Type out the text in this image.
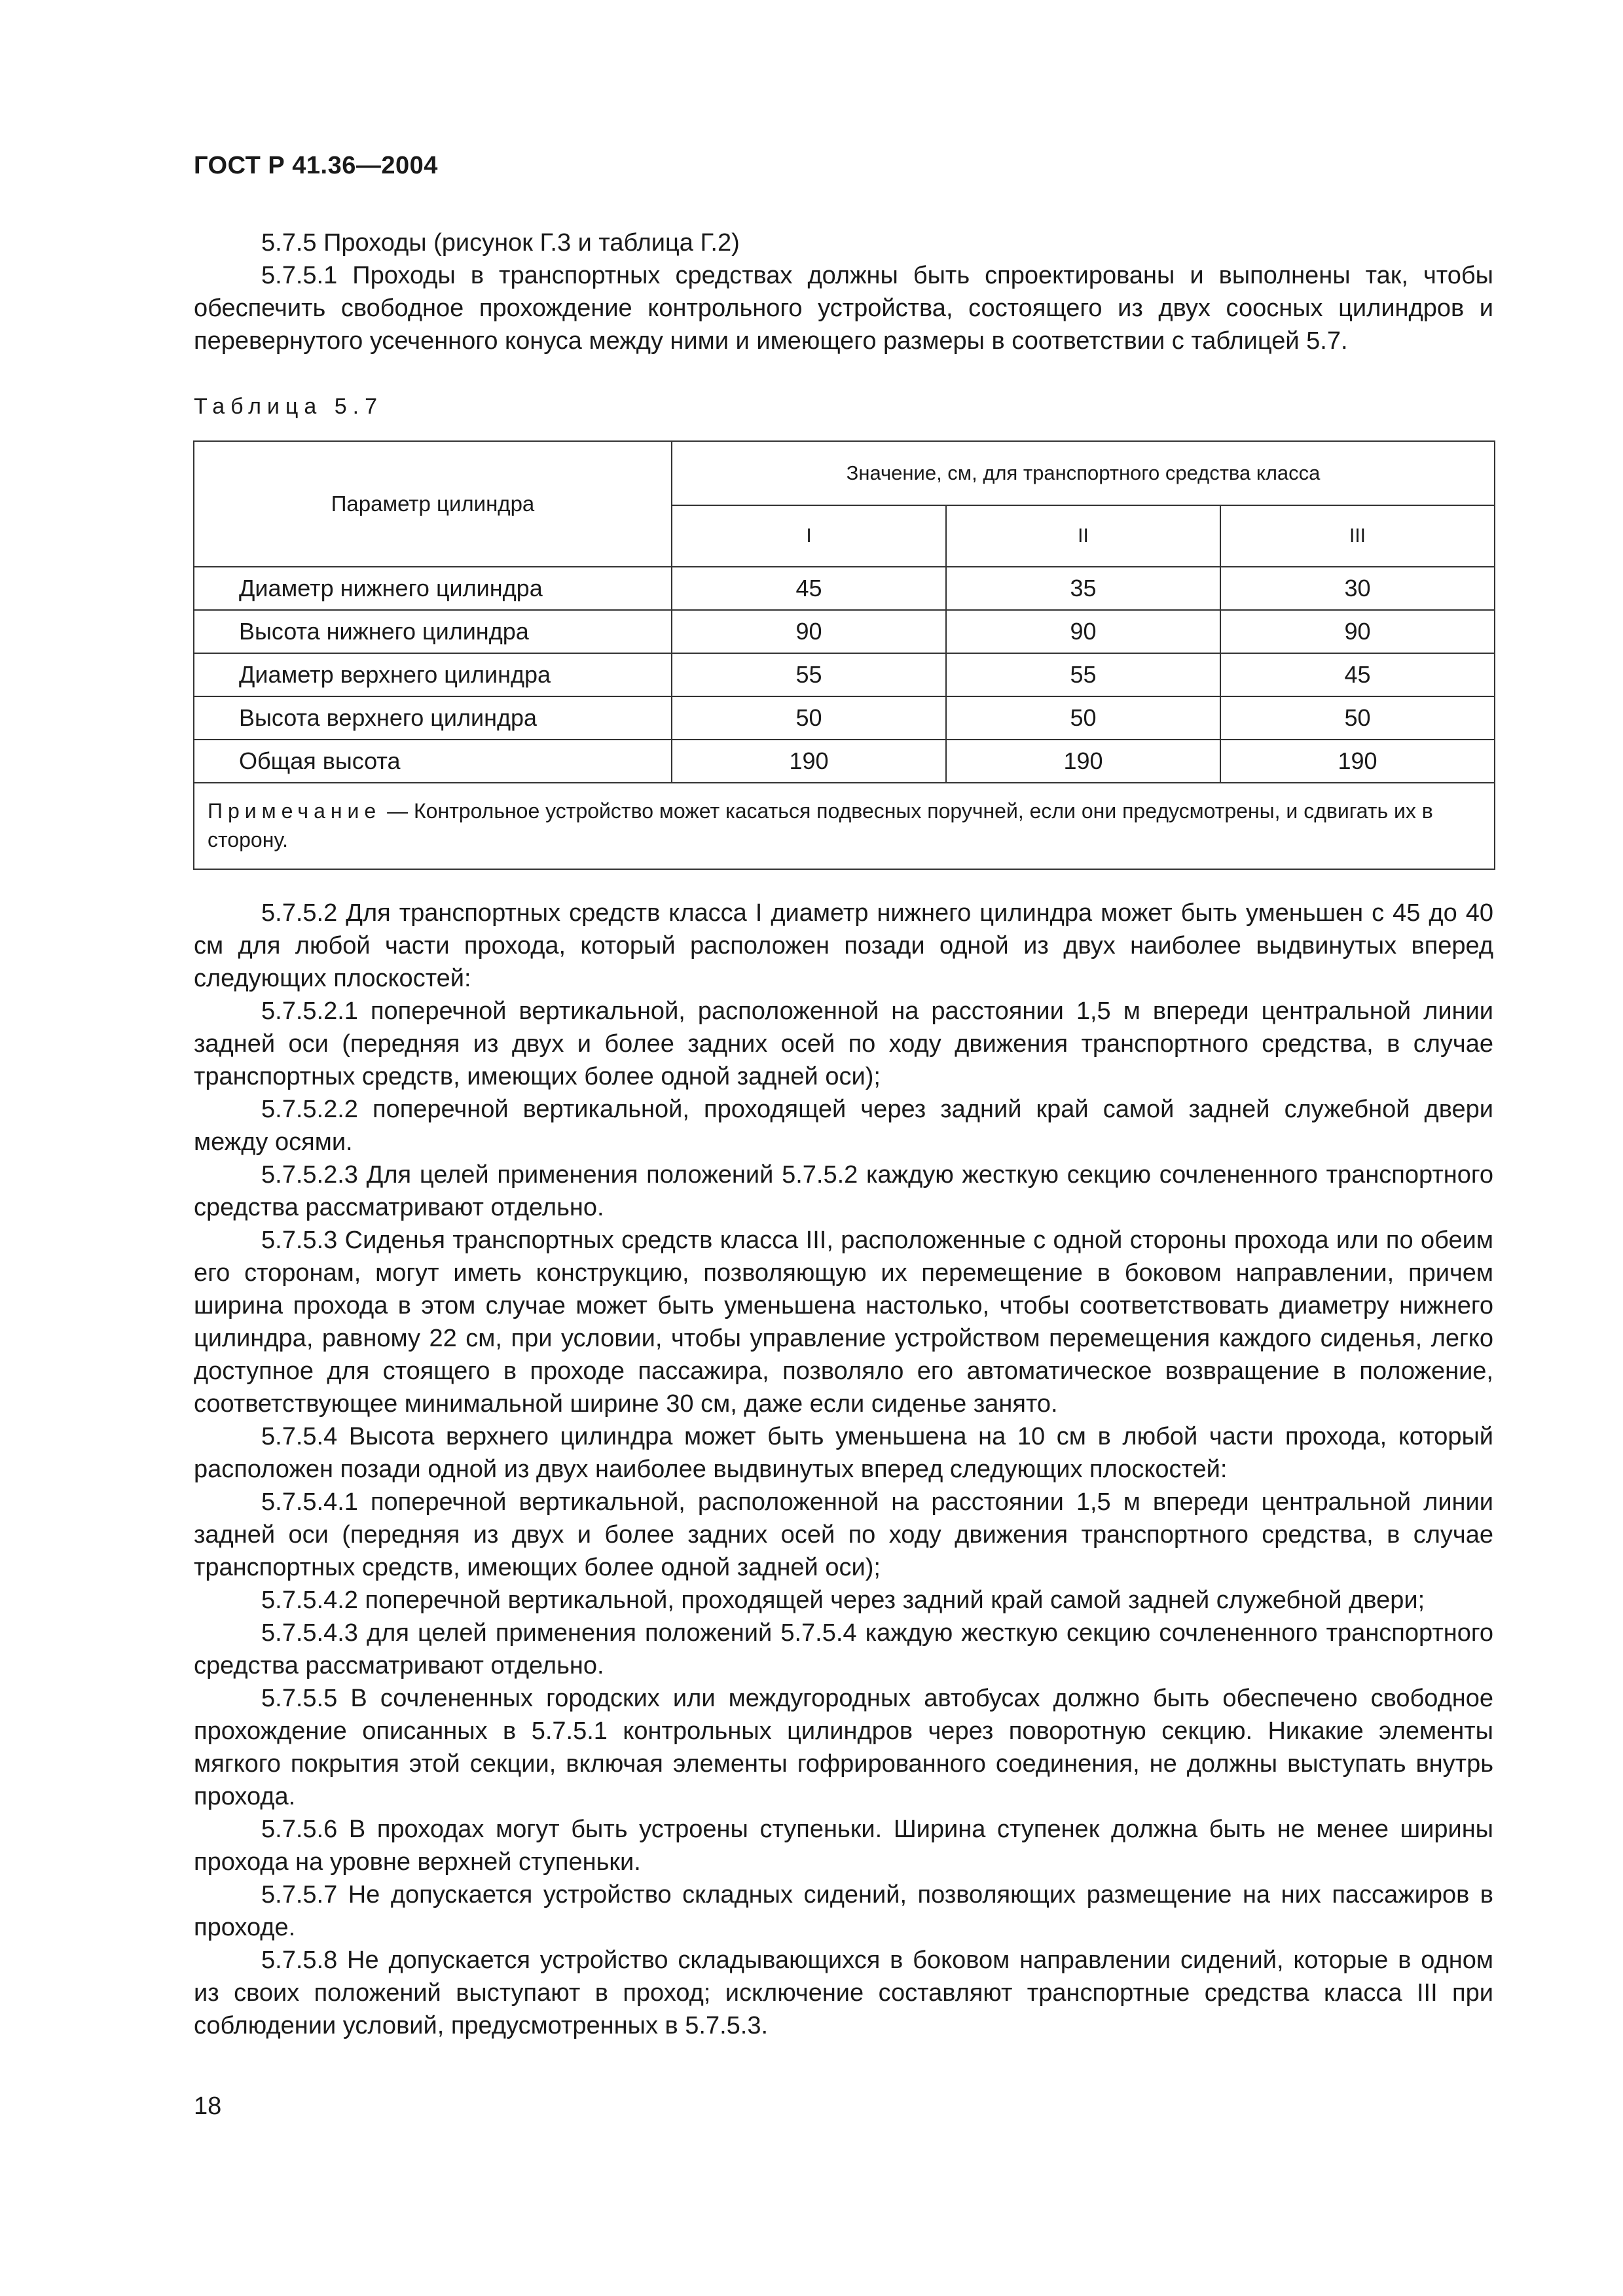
ГОСТ Р 41.36—2004

5.7.5 Проходы (рисунок Г.3 и таблица Г.2)

5.7.5.1 Проходы в транспортных средствах должны быть спроектированы и выполнены так, чтобы обеспечить свободное прохождение контрольного устройства, состоящего из двух соосных цилиндров и перевернутого усеченного конуса между ними и имеющего размеры в соответствии с таблицей 5.7.

Таблица 5.7
Параметр цилиндра	Значение, см, для транспортного средства класса		
	I	II	III
Диаметр нижнего цилиндра	45	35	30
Высота нижнего цилиндра	90	90	90
Диаметр верхнего цилиндра	55	55	45
Высота верхнего цилиндра	50	50	50
Общая высота	190	190	190
Примечание — Контрольное устройство может касаться подвесных поручней, если они предусмотрены, и сдвигать их в сторону.			

5.7.5.2 Для транспортных средств класса I диаметр нижнего цилиндра может быть уменьшен с 45 до 40 см для любой части прохода, который расположен позади одной из двух наиболее выдвинутых вперед следующих плоскостей:

5.7.5.2.1 поперечной вертикальной, расположенной на расстоянии 1,5 м впереди центральной линии задней оси (передняя из двух и более задних осей по ходу движения транспортного средства, в случае транспортных средств, имеющих более одной задней оси);

5.7.5.2.2 поперечной вертикальной, проходящей через задний край самой задней служебной двери между осями.

5.7.5.2.3 Для целей применения положений 5.7.5.2 каждую жесткую секцию сочлененного транспортного средства рассматривают отдельно.

5.7.5.3 Сиденья транспортных средств класса III, расположенные с одной стороны прохода или по обеим его сторонам, могут иметь конструкцию, позволяющую их перемещение в боковом направлении, причем ширина прохода в этом случае может быть уменьшена настолько, чтобы соответствовать диаметру нижнего цилиндра, равному 22 см, при условии, чтобы управление устройством перемещения каждого сиденья, легко доступное для стоящего в проходе пассажира, позволяло его автоматическое возвращение в положение, соответствующее минимальной ширине 30 см, даже если сиденье занято.

5.7.5.4 Высота верхнего цилиндра может быть уменьшена на 10 см в любой части прохода, который расположен позади одной из двух наиболее выдвинутых вперед следующих плоскостей:

5.7.5.4.1 поперечной вертикальной, расположенной на расстоянии 1,5 м впереди центральной линии задней оси (передняя из двух и более задних осей по ходу движения транспортного средства, в случае транспортных средств, имеющих более одной задней оси);

5.7.5.4.2 поперечной вертикальной, проходящей через задний край самой задней служебной двери;

5.7.5.4.3 для целей применения положений 5.7.5.4 каждую жесткую секцию сочлененного транспортного средства рассматривают отдельно.

5.7.5.5 В сочлененных городских или междугородных автобусах должно быть обеспечено свободное прохождение описанных в 5.7.5.1 контрольных цилиндров через поворотную секцию. Никакие элементы мягкого покрытия этой секции, включая элементы гофрированного соединения, не должны выступать внутрь прохода.

5.7.5.6 В проходах могут быть устроены ступеньки. Ширина ступенек должна быть не менее ширины прохода на уровне верхней ступеньки.

5.7.5.7 Не допускается устройство складных сидений, позволяющих размещение на них пассажиров в проходе.

5.7.5.8 Не допускается устройство складывающихся в боковом направлении сидений, которые в одном из своих положений выступают в проход; исключение составляют транспортные средства класса III при соблюдении условий, предусмотренных в 5.7.5.3.

18
